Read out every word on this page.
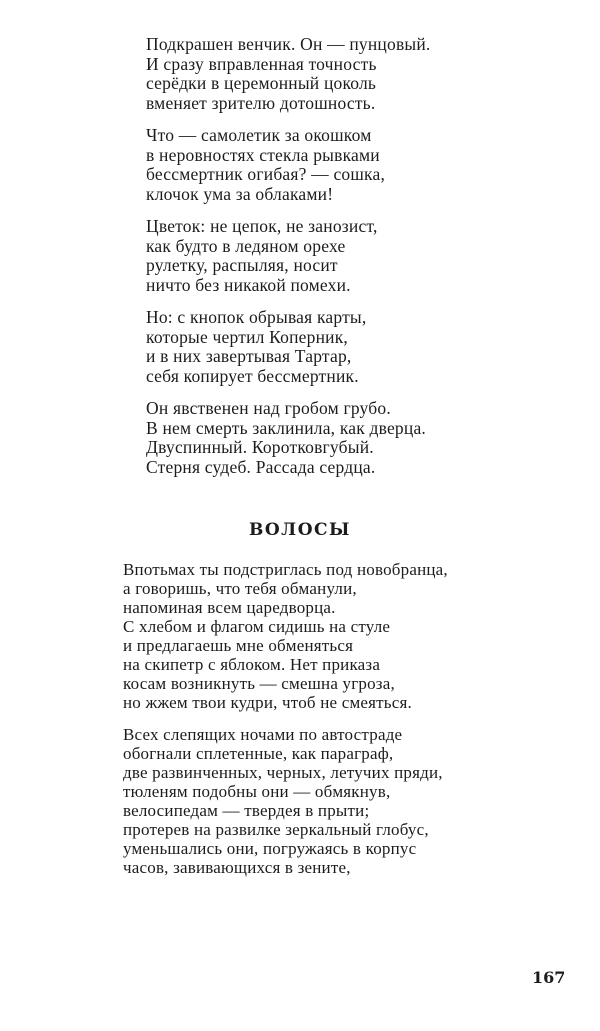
Подкрашен венчик. Он — пунцовый.
И сразу вправленная точность
серёдки в церемонный цоколь
вменяет зрителю дотошность.
Что — самолетик за окошком
в неровностях стекла рывками
бессмертник огибая? — сошка,
клочок ума за облаками!
Цветок: не цепок, не занозист,
как будто в ледяном орехе
рулетку, распыляя, носит
ничто без никакой помехи.
Но: с кнопок обрывая карты,
которые чертил Коперник,
и в них завертывая Тартар,
себя копирует бессмертник.
Он явственен над гробом грубо.
В нем смерть заклинила, как дверца.
Двуспинный. Коротковгубый.
Стерня судеб. Рассада сердца.
ВОЛОСЫ
Впотьмах ты подстриглась под новобранца,
а говоришь, что тебя обманули,
напоминая всем царедворца.
С хлебом и флагом сидишь на стуле
и предлагаешь мне обменяться
на скипетр с яблоком. Нет приказа
косам возникнуть — смешна угроза,
но жжем твои кудри, чтоб не смеяться.
Всех слепящих ночами по автостраде
обогнали сплетенные, как параграф,
две развинченных, черных, летучих пряди,
тюленям подобны они — обмякнув,
велосипедам — твердея в прыти;
протерев на развилке зеркальный глобус,
уменьшались они, погружаясь в корпус
часов, завивающихся в зените,
167
